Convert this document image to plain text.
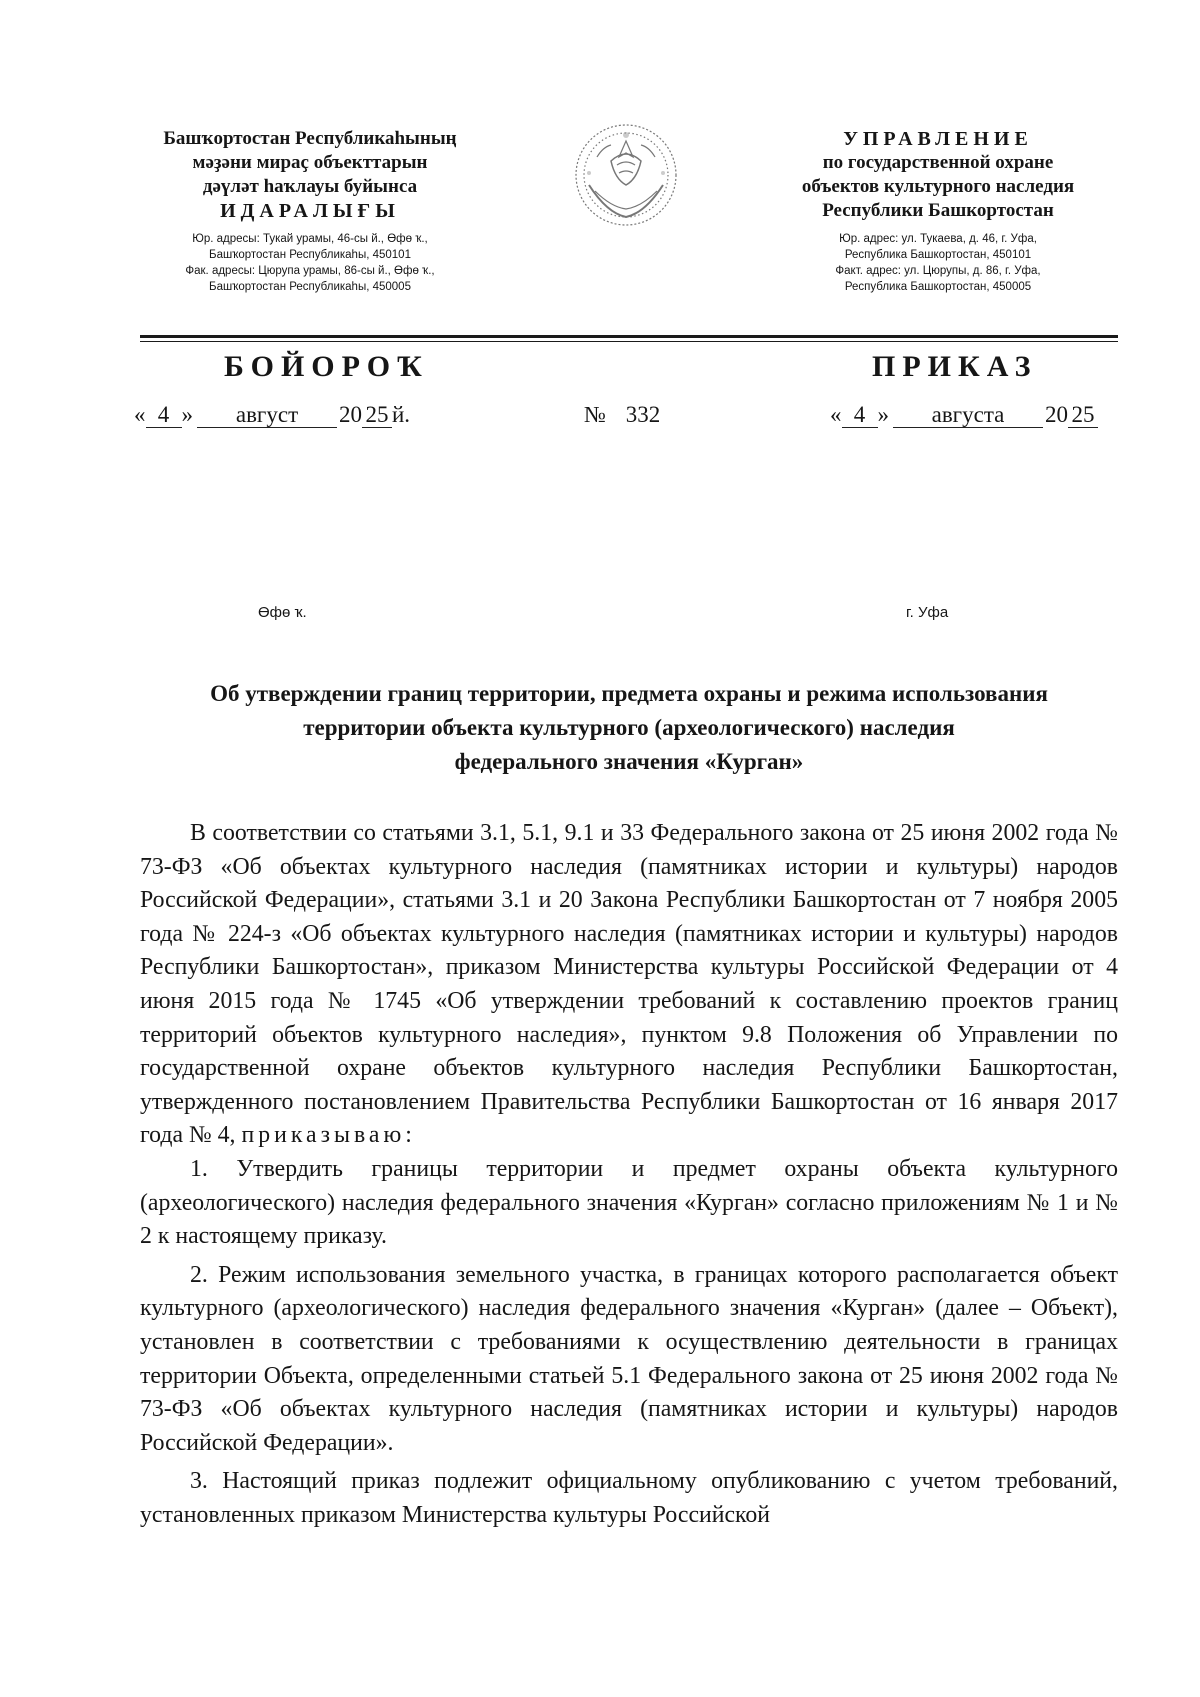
Башҡортостан Республикаһының
мәҙәни мираҫ объекттарын
дәүләт һаҡлауы буйынса
ИДАРАЛЫҒЫ
Юр. адресы: Тукай урамы, 46-сы й., Өфө ҡ.,
Башҡортостан Республикаһы, 450101
Фак. адресы: Цюрупа урамы, 86-сы й., Өфө ҡ.,
Башҡортостан Республикаһы, 450005
УПРАВЛЕНИЕ
по государственной охране
объектов культурного наследия
Республики Башкортостан
Юр. адрес: ул. Тукаева, д. 46, г. Уфа,
Республика Башкортостан, 450101
Факт. адрес: ул. Цюрупы, д. 86, г. Уфа,
Республика Башкортостан, 450005
БОЙОРОҠ	ПРИКАЗ
« 4 » август 20 25 й.	№ 332	« 4 » августа 20 25
Өфө ҡ.	г. Уфа
Об утверждении границ территории, предмета охраны и режима использования
территории объекта культурного (археологического) наследия
федерального значения «Курган»

В соответствии со статьями 3.1, 5.1, 9.1 и 33 Федерального закона от 25 июня 2002 года № 73-ФЗ «Об объектах культурного наследия (памятниках истории и культуры) народов Российской Федерации», статьями 3.1 и 20 Закона Республики Башкортостан от 7 ноября 2005 года № 224-з «Об объектах культурного наследия (памятниках истории и культуры) народов Республики Башкортостан», приказом Министерства культуры Российской Федерации от 4 июня 2015 года № 1745 «Об утверждении требований к составлению проектов границ территорий объектов культурного наследия», пунктом 9.8 Положения об Управлении по государственной охране объектов культурного наследия Республики Башкортостан, утвержденного постановлением Правительства Республики Башкортостан от 16 января 2017 года № 4, приказываю:

1. Утвердить границы территории и предмет охраны объекта культурного (археологического) наследия федерального значения «Курган» согласно приложениям № 1 и № 2 к настоящему приказу.

2. Режим использования земельного участка, в границах которого располагается объект культурного (археологического) наследия федерального значения «Курган» (далее – Объект), установлен в соответствии с требованиями к осуществлению деятельности в границах территории Объекта, определенными статьей 5.1 Федерального закона от 25 июня 2002 года № 73-ФЗ «Об объектах культурного наследия (памятниках истории и культуры) народов Российской Федерации».

3. Настоящий приказ подлежит официальному опубликованию с учетом требований, установленных приказом Министерства культуры Российской
